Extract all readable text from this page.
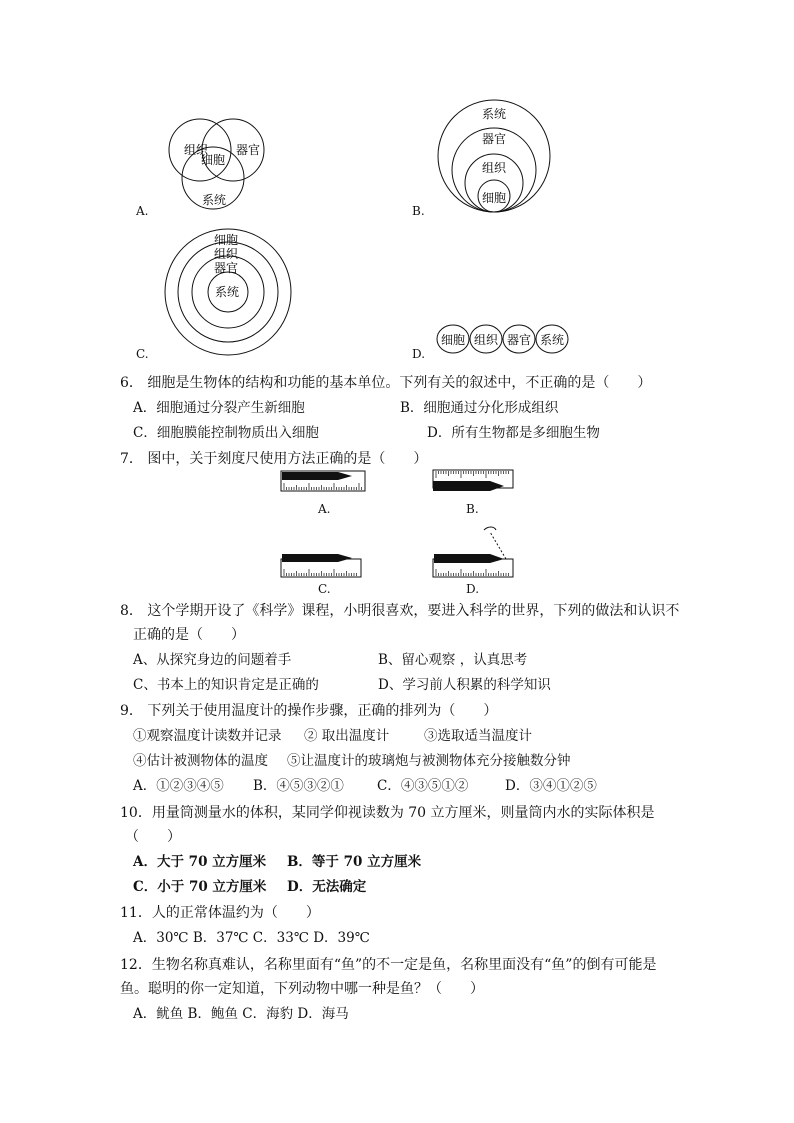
组织 器官
细胞
系统
A.
系统
器官
组织
细胞
B.
细胞
组织
器官
系统
C.
细胞 组织 器官 系统
D.
6． 细胞是生物体的结构和功能的基本单位。下列有关的叙述中，不正确的是（　　）
A．细胞通过分裂产生新细胞	B．细胞通过分化形成组织
C．细胞膜能控制物质出入细胞	D．所有生物都是多细胞生物
7． 图中，关于刻度尺使用方法正确的是（　　）
A.	B.
C.	D.
8． 这个学期开设了《科学》课程，小明很喜欢，要进入科学的世界，下列的做法和认识不
正确的是（　　）
A、从探究身边的问题着手	B、留心观察 ，认真思考
C、书本上的知识肯定是正确的	D、学习前人积累的科学知识
9． 下列关于使用温度计的操作步骤，正确的排列为（　　）
①观察温度计读数并记录 ② 取出温度计	③选取适当温度计
④估计被测物体的温度 ⑤让温度计的玻璃炮与被测物体充分接触数分钟
A．①②③④⑤ B．④⑤③②① C．④③⑤①②	D．③④①②⑤
10．用量筒测量水的体积，某同学仰视读数为 70 立方厘米，则量筒内水的实际体积是
（　　）
A．大于 70 立方厘米 B．等于 70 立方厘米
C．小于 70 立方厘米 D．无法确定
11．人的正常体温约为（　　）
A．30℃ B．37℃ C．33℃ D．39℃
12．生物名称真难认，名称里面有“鱼”的不一定是鱼，名称里面没有“鱼”的倒有可能是
鱼。聪明的你一定知道，下列动物中哪一种是鱼？（　　）
A．鱿鱼 B．鲍鱼 C．海豹 D．海马
